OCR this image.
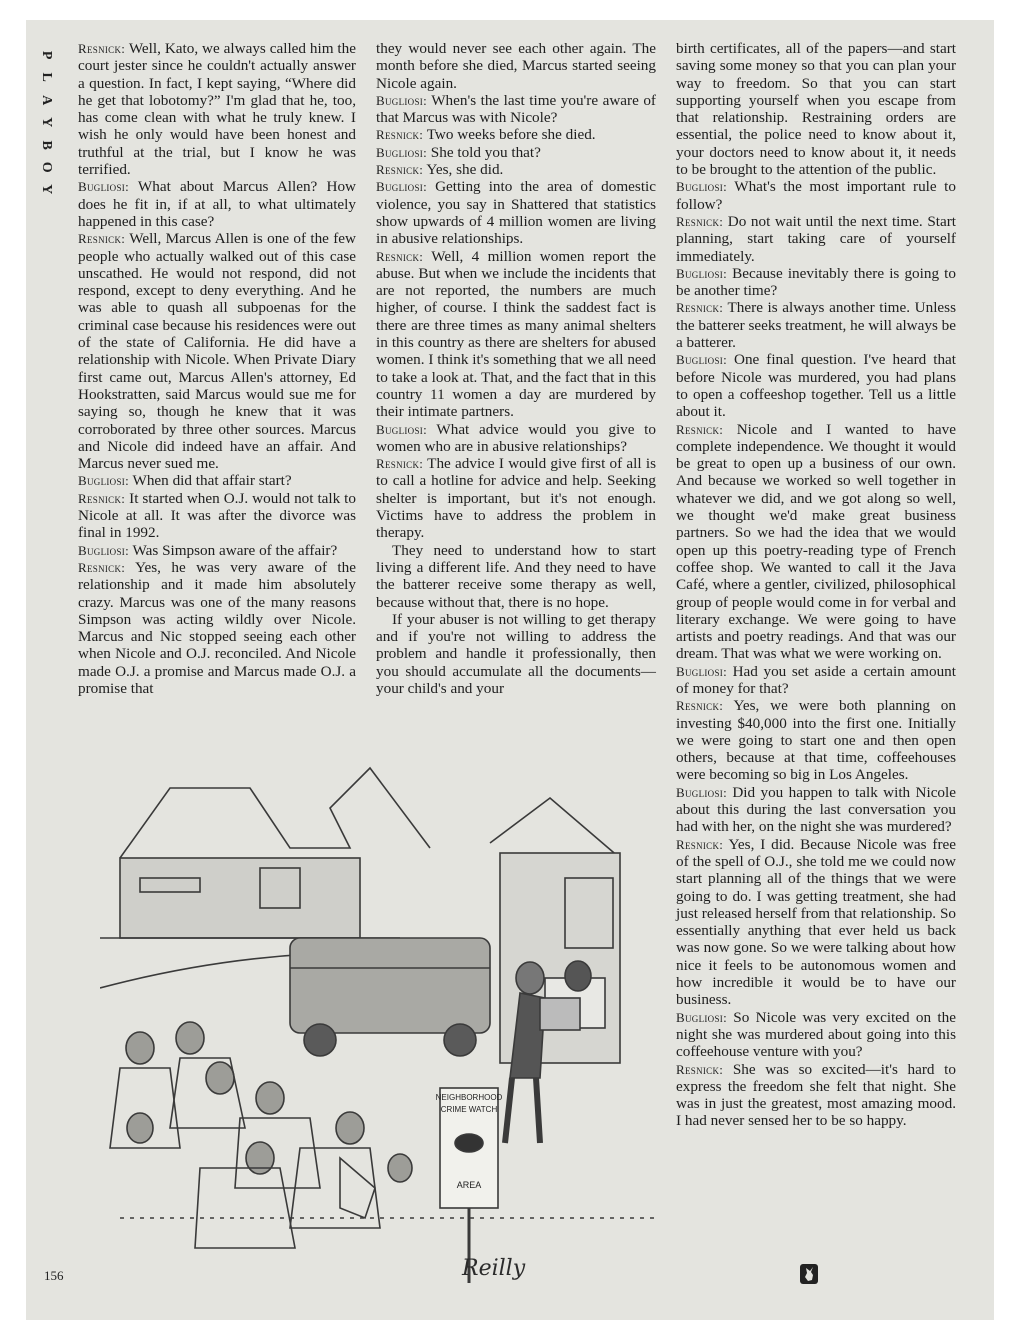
P
L
A
Y
B
O
Y

Resnick: Well, Kato, we always called him the court jester since he couldn't actually answer a question. In fact, I kept saying, “Where did he get that lobotomy?” I'm glad that he, too, has come clean with what he truly knew. I wish he only would have been honest and truthful at the trial, but I know he was terrified.

Bugliosi: What about Marcus Allen? How does he fit in, if at all, to what ultimately happened in this case?

Resnick: Well, Marcus Allen is one of the few people who actually walked out of this case unscathed. He would not respond, did not respond, except to deny everything. And he was able to quash all subpoenas for the criminal case because his residences were out of the state of California. He did have a relationship with Nicole. When Private Diary first came out, Marcus Allen's attorney, Ed Hookstratten, said Marcus would sue me for saying so, though he knew that it was corroborated by three other sources. Marcus and Nicole did indeed have an affair. And Marcus never sued me.

Bugliosi: When did that affair start?

Resnick: It started when O.J. would not talk to Nicole at all. It was after the divorce was final in 1992.

Bugliosi: Was Simpson aware of the affair?

Resnick: Yes, he was very aware of the relationship and it made him absolutely crazy. Marcus was one of the many reasons Simpson was acting wildly over Nicole. Marcus and Nic stopped seeing each other when Nicole and O.J. reconciled. And Nicole made O.J. a promise and Marcus made O.J. a promise that

they would never see each other again. The month before she died, Marcus started seeing Nicole again.

Bugliosi: When's the last time you're aware of that Marcus was with Nicole?

Resnick: Two weeks before she died.

Bugliosi: She told you that?

Resnick: Yes, she did.

Bugliosi: Getting into the area of domestic violence, you say in Shattered that statistics show upwards of 4 million women are living in abusive relationships.

Resnick: Well, 4 million women report the abuse. But when we include the incidents that are not reported, the numbers are much higher, of course. I think the saddest fact is there are three times as many animal shelters in this country as there are shelters for abused women. I think it's something that we all need to take a look at. That, and the fact that in this country 11 women a day are murdered by their intimate partners.

Bugliosi: What advice would you give to women who are in abusive relationships?

Resnick: The advice I would give first of all is to call a hotline for advice and help. Seeking shelter is important, but it's not enough. Victims have to address the problem in therapy.

They need to understand how to start living a different life. And they need to have the batterer receive some therapy as well, because without that, there is no hope.

If your abuser is not willing to get therapy and if you're not willing to address the problem and handle it professionally, then you should accumulate all the documents—your child's and your

birth certificates, all of the papers—and start saving some money so that you can plan your way to freedom. So that you can start supporting yourself when you escape from that relationship. Restraining orders are essential, the police need to know about it, your doctors need to know about it, it needs to be brought to the attention of the public.

Bugliosi: What's the most important rule to follow?

Resnick: Do not wait until the next time. Start planning, start taking care of yourself immediately.

Bugliosi: Because inevitably there is going to be another time?

Resnick: There is always another time. Unless the batterer seeks treatment, he will always be a batterer.

Bugliosi: One final question. I've heard that before Nicole was murdered, you had plans to open a coffeeshop together. Tell us a little about it.

Resnick: Nicole and I wanted to have complete independence. We thought it would be great to open up a business of our own. And because we worked so well together in whatever we did, and we got along so well, we thought we'd make great business partners. So we had the idea that we would open up this poetry-reading type of French coffee shop. We wanted to call it the Java Café, where a gentler, civilized, philosophical group of people would come in for verbal and literary exchange. We were going to have artists and poetry readings. And that was our dream. That was what we were working on.

Bugliosi: Had you set aside a certain amount of money for that?

Resnick: Yes, we were both planning on investing $40,000 into the first one. Initially we were going to start one and then open others, because at that time, coffeehouses were becoming so big in Los Angeles.

Bugliosi: Did you happen to talk with Nicole about this during the last conversation you had with her, on the night she was murdered?

Resnick: Yes, I did. Because Nicole was free of the spell of O.J., she told me we could now start planning all of the things that we were going to do. I was getting treatment, she had just released herself from that relationship. So essentially anything that ever held us back was now gone. So we were talking about how nice it feels to be autonomous women and how incredible it would be to have our business.

Bugliosi: So Nicole was very excited on the night she was murdered about going into this coffeehouse venture with you?

Resnick: She was so excited—it's hard to express the freedom she felt that night. She was in just the greatest, most amazing mood. I had never sensed her to be so happy.

NEIGHBORHOOD
CRIME WATCH
AREA
Reilly
156
